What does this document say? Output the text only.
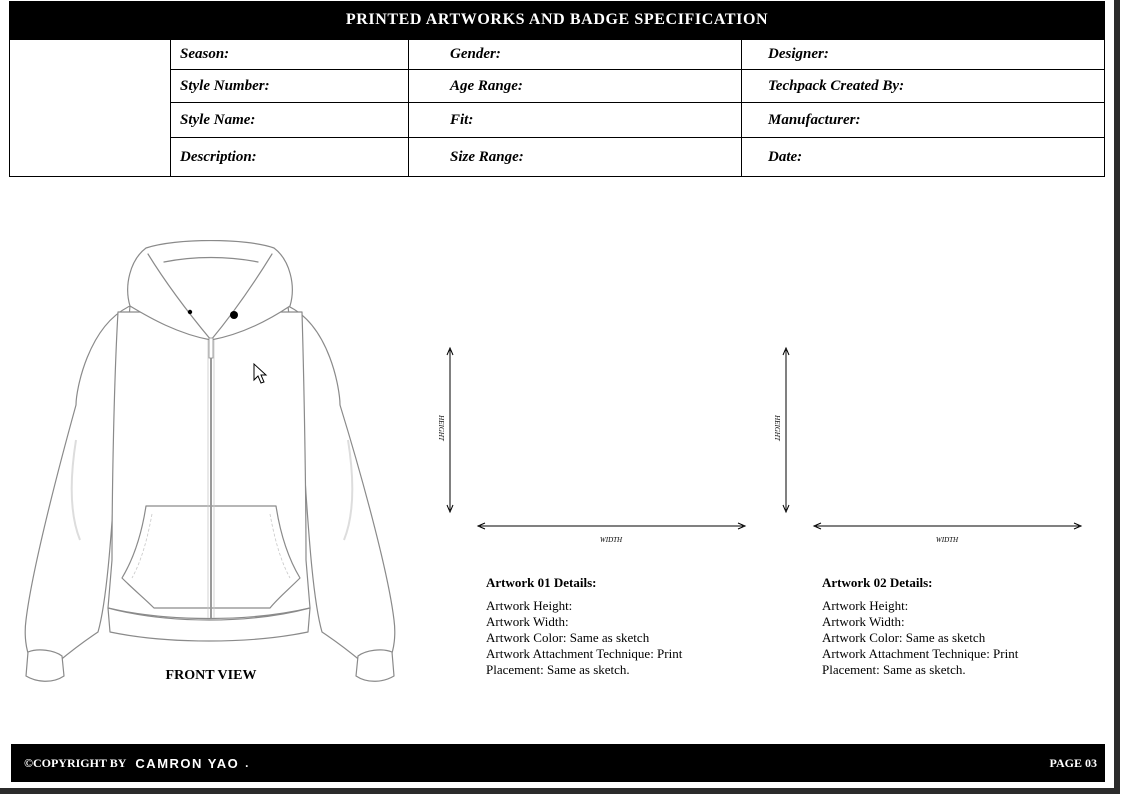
PRINTED ARTWORKS AND BADGE SPECIFICATION
Season:	Gender:	Designer:
Style Number:	Age Range:	Techpack Created By:
Style Name:	Fit:	Manufacturer:
Description:	Size Range:	Date:
FRONT VIEW
HEIGHT
WIDTH
HEIGHT
WIDTH
Artwork 01 Details:
Artwork Height:
Artwork Width:
Artwork Color: Same as sketch
Artwork Attachment Technique: Print
Placement: Same as sketch.
Artwork 02 Details:
Artwork Height:
Artwork Width:
Artwork Color: Same as sketch
Artwork Attachment Technique: Print
Placement: Same as sketch.
©COPYRIGHT BY CAMRON YAO .	PAGE 03
